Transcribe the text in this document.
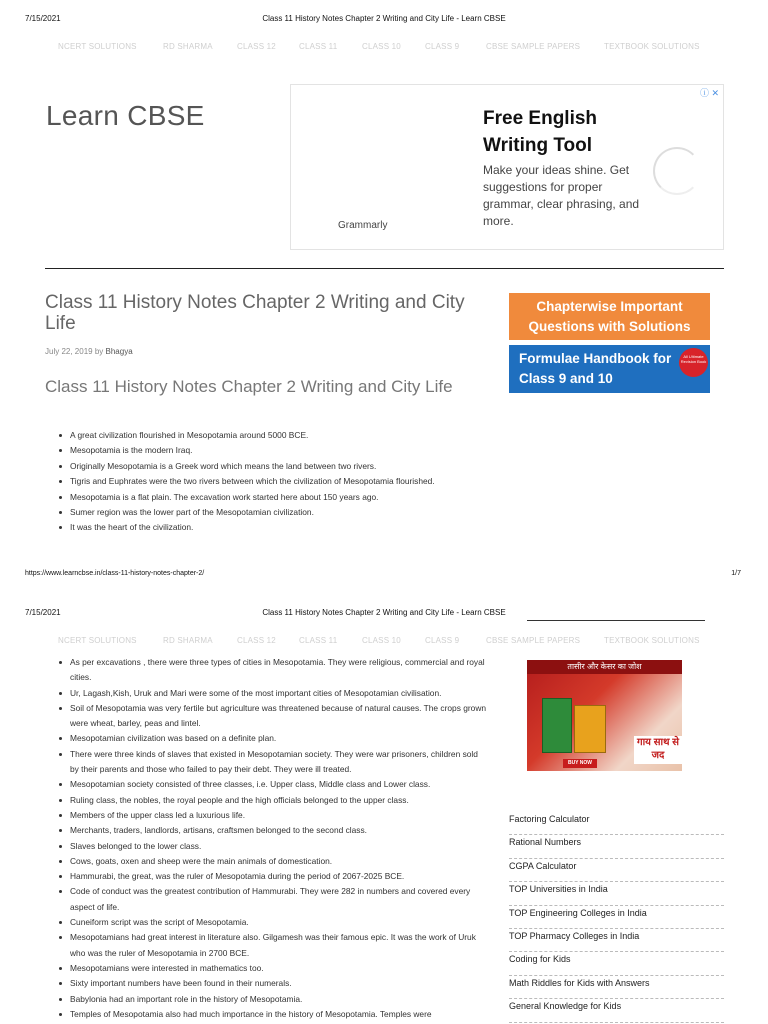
7/15/2021	Class 11 History Notes Chapter 2 Writing and City Life - Learn CBSE
NCERT SOLUTIONS	RD SHARMA	CLASS 12	CLASS 11	CLASS 10	CLASS 9	CBSE SAMPLE PAPERS	TEXTBOOK SOLUTIONS
Learn CBSE
ⓘ ✕
Free English Writing Tool
Make your ideas shine. Get suggestions for proper grammar, clear phrasing, and more.
Grammarly
Class 11 History Notes Chapter 2 Writing and City Life
July 22, 2019 by Bhagya
Class 11 History Notes Chapter 2 Writing and City Life
A great civilization flourished in Mesopotamia around 5000 BCE.
Mesopotamia is the modern Iraq.
Originally Mesopotamia is a Greek word which means the land between two rivers.
Tigris and Euphrates were the two rivers between which the civilization of Mesopotamia flourished.
Mesopotamia is a flat plain. The excavation work started here about 150 years ago.
Sumer region was the lower part of the Mesopotamian civilization.
It was the heart of the civilization.
Chapterwise Important Questions with Solutions
Formulae Handbook for Class 9 and 10
All Ultimate Revision Book
https://www.learncbse.in/class-11-history-notes-chapter-2/	1/7
7/15/2021	Class 11 History Notes Chapter 2 Writing and City Life - Learn CBSE
NCERT SOLUTIONS	RD SHARMA	CLASS 12	CLASS 11	CLASS 10	CLASS 9	CBSE SAMPLE PAPERS	TEXTBOOK SOLUTIONS
As per excavations , there were three types of cities in Mesopotamia. They were religious, commercial and royal cities.
Ur, Lagash,Kish, Uruk and Mari were some of the most important cities of Mesopotamian civilisation.
Soil of Mesopotamia was very fertile but agriculture was threatened because of natural causes. The crops grown were wheat, barley, peas and lintel.
Mesopotamian civilization was based on a definite plan.
There were three kinds of slaves that existed in Mesopotamian society. They were war prisoners, children sold by their parents and those who failed to pay their debt. They were ill treated.
Mesopotamian society consisted of three classes, i.e. Upper class, Middle class and Lower class.
Ruling class, the nobles, the royal people and the high officials belonged to the upper class.
Members of the upper class led a luxurious life.
Merchants, traders, landlords, artisans, craftsmen belonged to the second class.
Slaves belonged to the lower class.
Cows, goats, oxen and sheep were the main animals of domestication.
Hammurabi, the great, was the ruler of Mesopotamia during the period of 2067-2025 BCE.
Code of conduct was the greatest contribution of Hammurabi. They were 282 in numbers and covered every aspect of life.
Cuneiform script was the script of Mesopotamia.
Mesopotamians had great interest in literature also. Gilgamesh was their famous epic. It was the work of Uruk who was the ruler of Mesopotamia in 2700 BCE.
Mesopotamians were interested in mathematics too.
Sixty important numbers have been found in their numerals.
Babylonia had an important role in the history of Mesopotamia.
Temples of Mesopotamia also had much importance in the history of Mesopotamia. Temples were
तासीर और केसर का जोश
गाय साथ से जद
BUY NOW
Factoring Calculator
Rational Numbers
CGPA Calculator
TOP Universities in India
TOP Engineering Colleges in India
TOP Pharmacy Colleges in India
Coding for Kids
Math Riddles for Kids with Answers
General Knowledge for Kids
